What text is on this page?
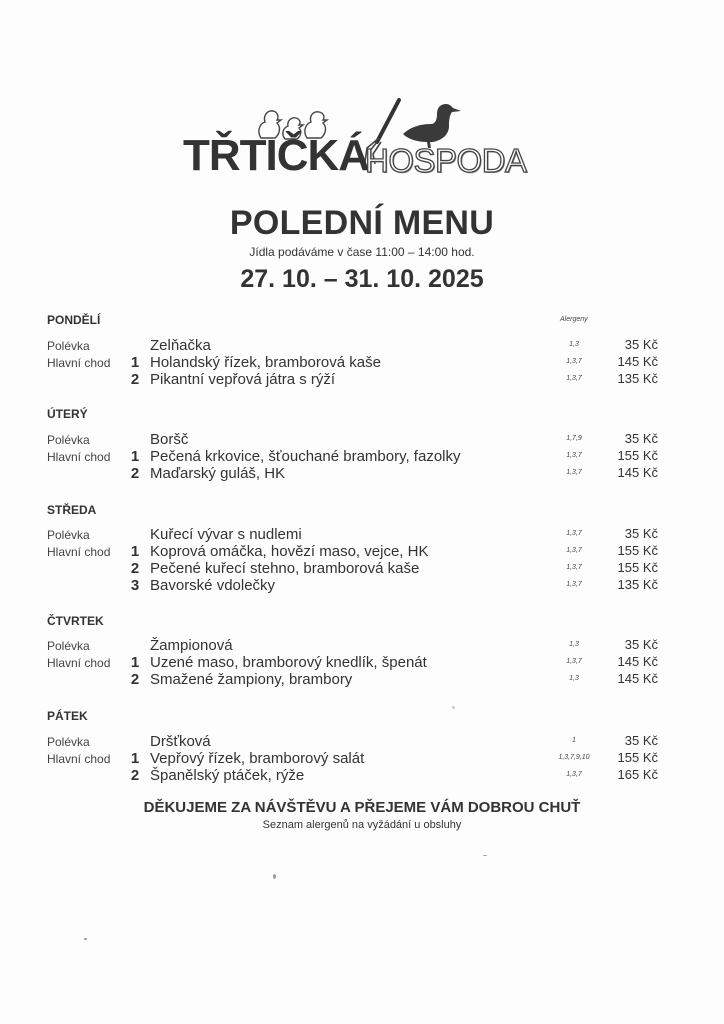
TŘTIČKÁ
HOSPODA
POLEDNÍ MENU
Jídla podáváme v čase 11:00 – 14:00 hod.
27. 10. – 31. 10. 2025
Alergeny
PONDĚLÍ
Polévka	Zelňačka	1,3	35 Kč
Hlavní chod 1 Holandský řízek, bramborová kaše	1,3,7	145 Kč
2 Pikantní vepřová játra s rýží	1,3,7	135 Kč
ÚTERÝ
Polévka	Boršč	1,7,9	35 Kč
Hlavní chod 1 Pečená krkovice, šťouchané brambory, fazolky	1,3,7	155 Kč
2 Maďarský guláš, HK	1,3,7	145 Kč
STŘEDA
Polévka	Kuřecí vývar s nudlemi	1,3,7	35 Kč
Hlavní chod 1 Koprová omáčka, hovězí maso, vejce, HK	1,3,7	155 Kč
2 Pečené kuřecí stehno, bramborová kaše	1,3,7	155 Kč
3 Bavorské vdolečky	1,3,7	135 Kč
ČTVRTEK
Polévka	Žampionová	1,3	35 Kč
Hlavní chod 1 Uzené maso, bramborový knedlík, špenát	1,3,7	145 Kč
2 Smažené žampiony, brambory	1,3	145 Kč
PÁTEK
Polévka	Dršťková	1	35 Kč
Hlavní chod 1 Vepřový řízek, bramborový salát	1,3,7,9,10	155 Kč
2 Španělský ptáček, rýže	1,3,7	165 Kč
DĚKUJEME ZA NÁVŠTĚVU A PŘEJEME VÁM DOBROU CHUŤ
Seznam alergenů na vyžádání u obsluhy
